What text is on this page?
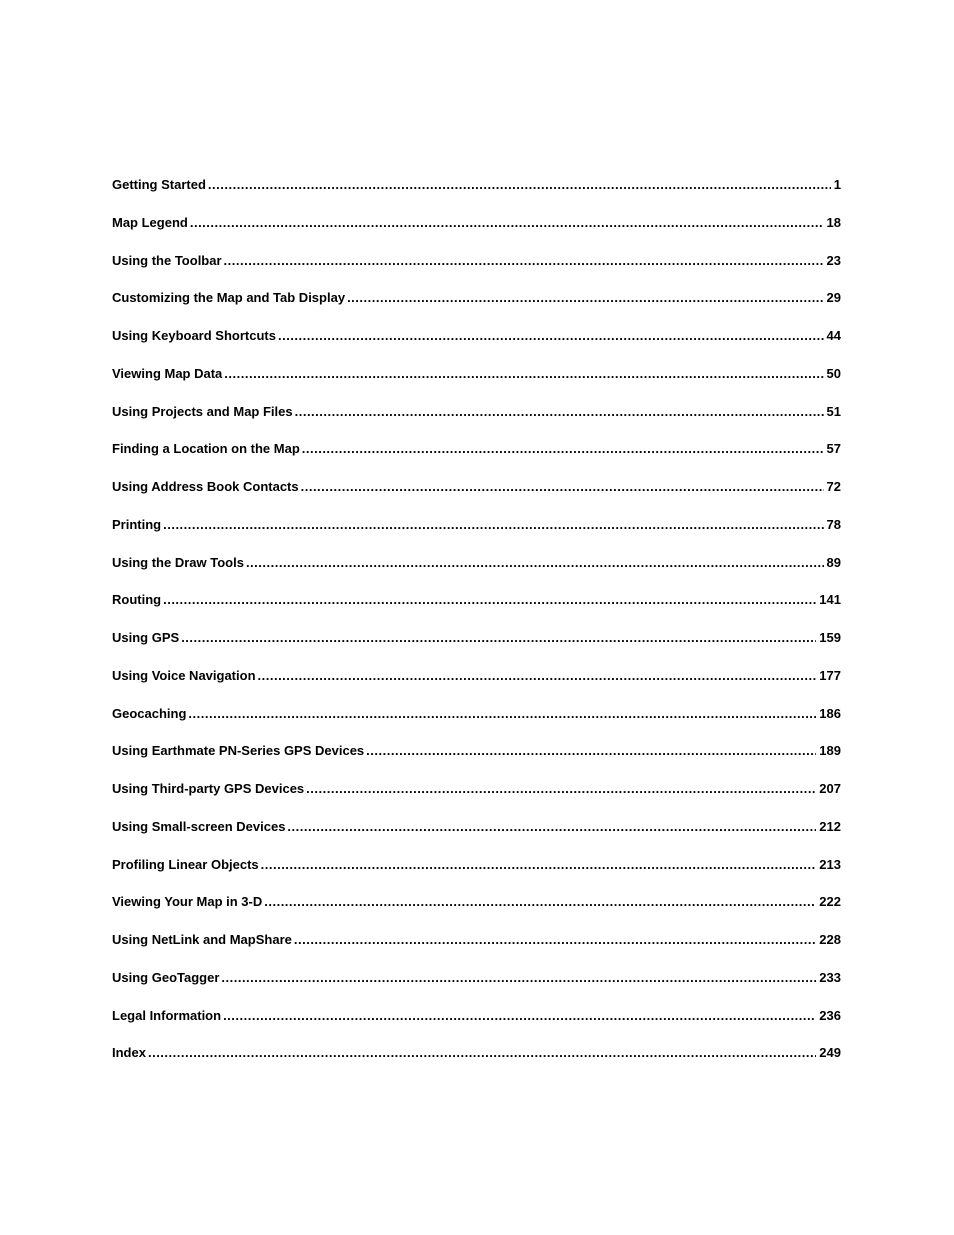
Getting Started .....	1
Map Legend .....	18
Using the Toolbar .....	23
Customizing the Map and Tab Display .....	29
Using Keyboard Shortcuts .....	44
Viewing Map Data .....	50
Using Projects and Map Files .....	51
Finding a Location on the Map .....	57
Using Address Book Contacts .....	72
Printing .....	78
Using the Draw Tools .....	89
Routing .....	141
Using GPS .....	159
Using Voice Navigation .....	177
Geocaching .....	186
Using Earthmate PN-Series GPS Devices .....	189
Using Third-party GPS Devices .....	207
Using Small-screen Devices .....	212
Profiling Linear Objects .....	213
Viewing Your Map in 3-D .....	222
Using NetLink and MapShare .....	228
Using GeoTagger .....	233
Legal Information .....	236
Index .....	249
